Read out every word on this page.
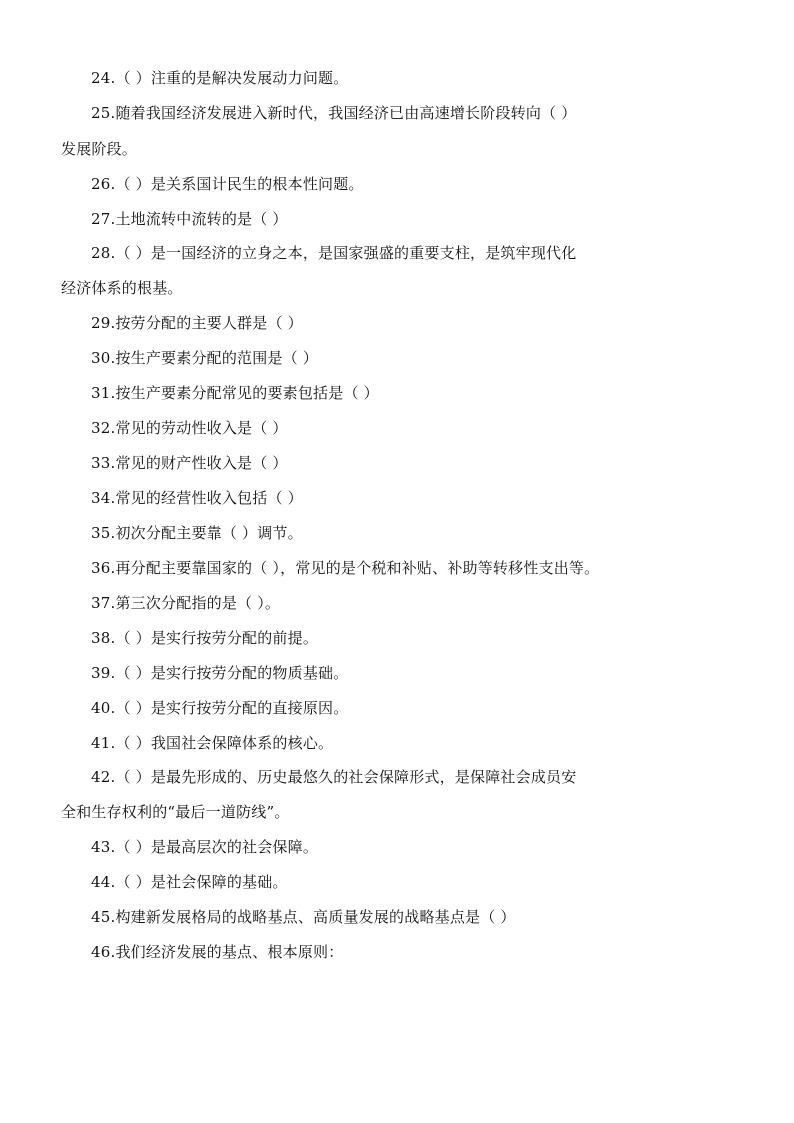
24.（ ）注重的是解决发展动力问题。
25.随着我国经济发展进入新时代，我国经济已由高速增长阶段转向（ ）
发展阶段。
26.（ ）是关系国计民生的根本性问题。
27.土地流转中流转的是（ ）
28.（ ）是一国经济的立身之本，是国家强盛的重要支柱，是筑牢现代化
经济体系的根基。
29.按劳分配的主要人群是（ ）
30.按生产要素分配的范围是（ ）
31.按生产要素分配常见的要素包括是（ ）
32.常见的劳动性收入是（ ）
33.常见的财产性收入是（ ）
34.常见的经营性收入包括（ ）
35.初次分配主要靠（ ）调节。
36.再分配主要靠国家的（ ），常见的是个税和补贴、补助等转移性支出等。
37.第三次分配指的是（ ）。
38.（ ）是实行按劳分配的前提。
39.（ ）是实行按劳分配的物质基础。
40.（ ）是实行按劳分配的直接原因。
41.（ ）我国社会保障体系的核心。
42.（ ）是最先形成的、历史最悠久的社会保障形式，是保障社会成员安
全和生存权利的“最后一道防线”。
43.（ ）是最高层次的社会保障。
44.（ ）是社会保障的基础。
45.构建新发展格局的战略基点、高质量发展的战略基点是（ ）
46.我们经济发展的基点、根本原则：
